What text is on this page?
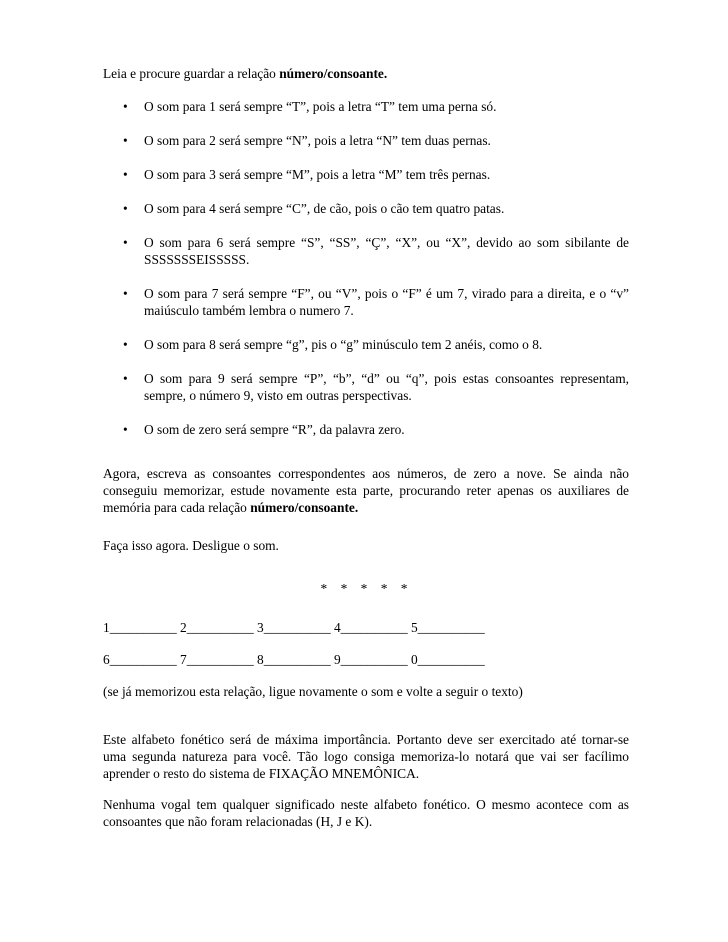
Leia e procure guardar a relação número/consoante.

• O som para 1 será sempre “T”, pois a letra “T” tem uma perna só.
• O som para 2 será sempre “N”, pois a letra “N” tem duas pernas.
• O som para 3 será sempre “M”, pois a letra “M” tem três pernas.
• O som para 4 será sempre “C”, de cão, pois o cão tem quatro patas.
• O som para 6 será sempre “S”, “SS”, “Ç”, “X”, ou “X”, devido ao som sibilante de SSSSSSSEISSSSS.
• O som para 7 será sempre “F”, ou “V”, pois o “F” é um 7, virado para a direita, e o “v” maiúsculo também lembra o numero 7.
• O som para 8 será sempre “g”, pis o “g” minúsculo tem 2 anéis, como o 8.
• O som para 9 será sempre “P”, “b”, “d” ou “q”, pois estas consoantes representam, sempre, o número 9, visto em outras perspectivas.
• O som de zero será sempre “R”, da palavra zero.

Agora, escreva as consoantes correspondentes aos números, de zero a nove. Se ainda não conseguiu memorizar, estude novamente esta parte, procurando reter apenas os auxiliares de memória para cada relação número/consoante.

Faça isso agora. Desligue o som.

* * * * *
1__________ 2__________ 3__________ 4__________ 5__________
6__________ 7__________ 8__________ 9__________ 0__________

(se já memorizou esta relação, ligue novamente o som e volte a seguir o texto)

Este alfabeto fonético será de máxima importância. Portanto deve ser exercitado até tornar-se uma segunda natureza para você. Tão logo consiga memoriza-lo notará que vai ser facílimo aprender o resto do sistema de FIXAÇÃO MNEMÔNICA.

Nenhuma vogal tem qualquer significado neste alfabeto fonético. O mesmo acontece com as consoantes que não foram relacionadas (H, J e K).
